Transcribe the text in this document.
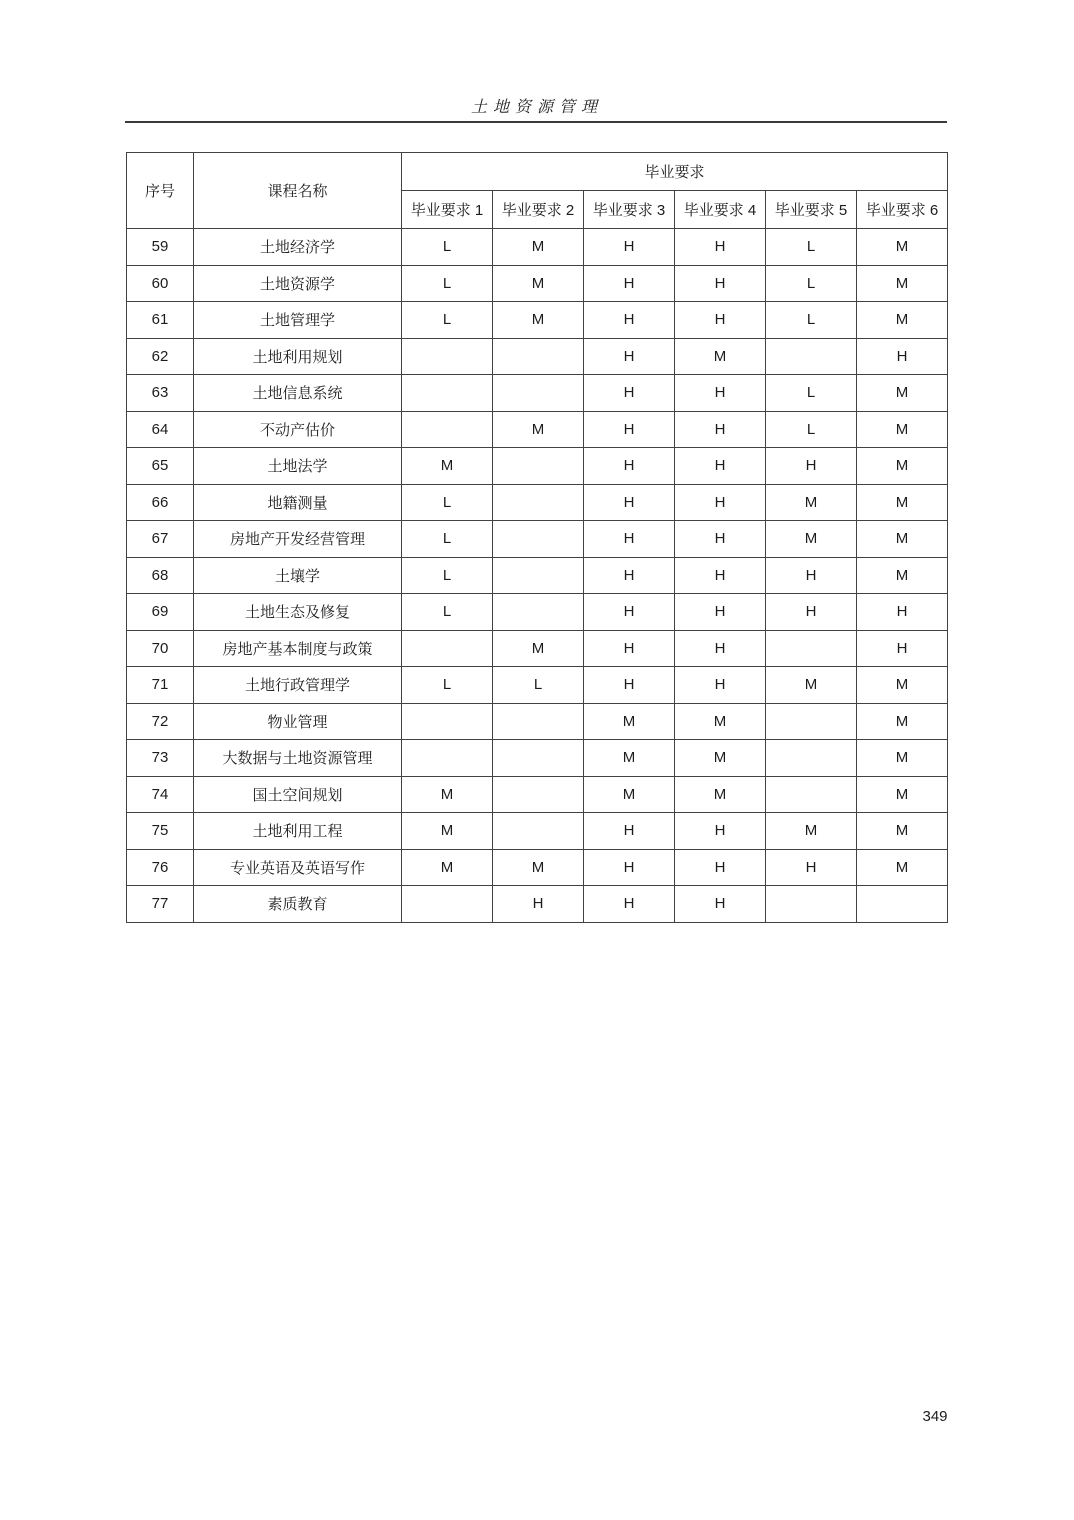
土地资源管理
序号	课程名称	毕业要求					
		毕业要求 1	毕业要求 2	毕业要求 3	毕业要求 4	毕业要求 5	毕业要求 6
59	土地经济学	L	M	H	H	L	M
60	土地资源学	L	M	H	H	L	M
61	土地管理学	L	M	H	H	L	M
62	土地利用规划			H	M		H
63	土地信息系统			H	H	L	M
64	不动产估价		M	H	H	L	M
65	土地法学	M		H	H	H	M
66	地籍测量	L		H	H	M	M
67	房地产开发经营管理	L		H	H	M	M
68	土壤学	L		H	H	H	M
69	土地生态及修复	L		H	H	H	H
70	房地产基本制度与政策		M	H	H		H
71	土地行政管理学	L	L	H	H	M	M
72	物业管理			M	M		M
73	大数据与土地资源管理			M	M		M
74	国土空间规划	M		M	M		M
75	土地利用工程	M		H	H	M	M
76	专业英语及英语写作	M	M	H	H	H	M
77	素质教育		H	H	H		
349
